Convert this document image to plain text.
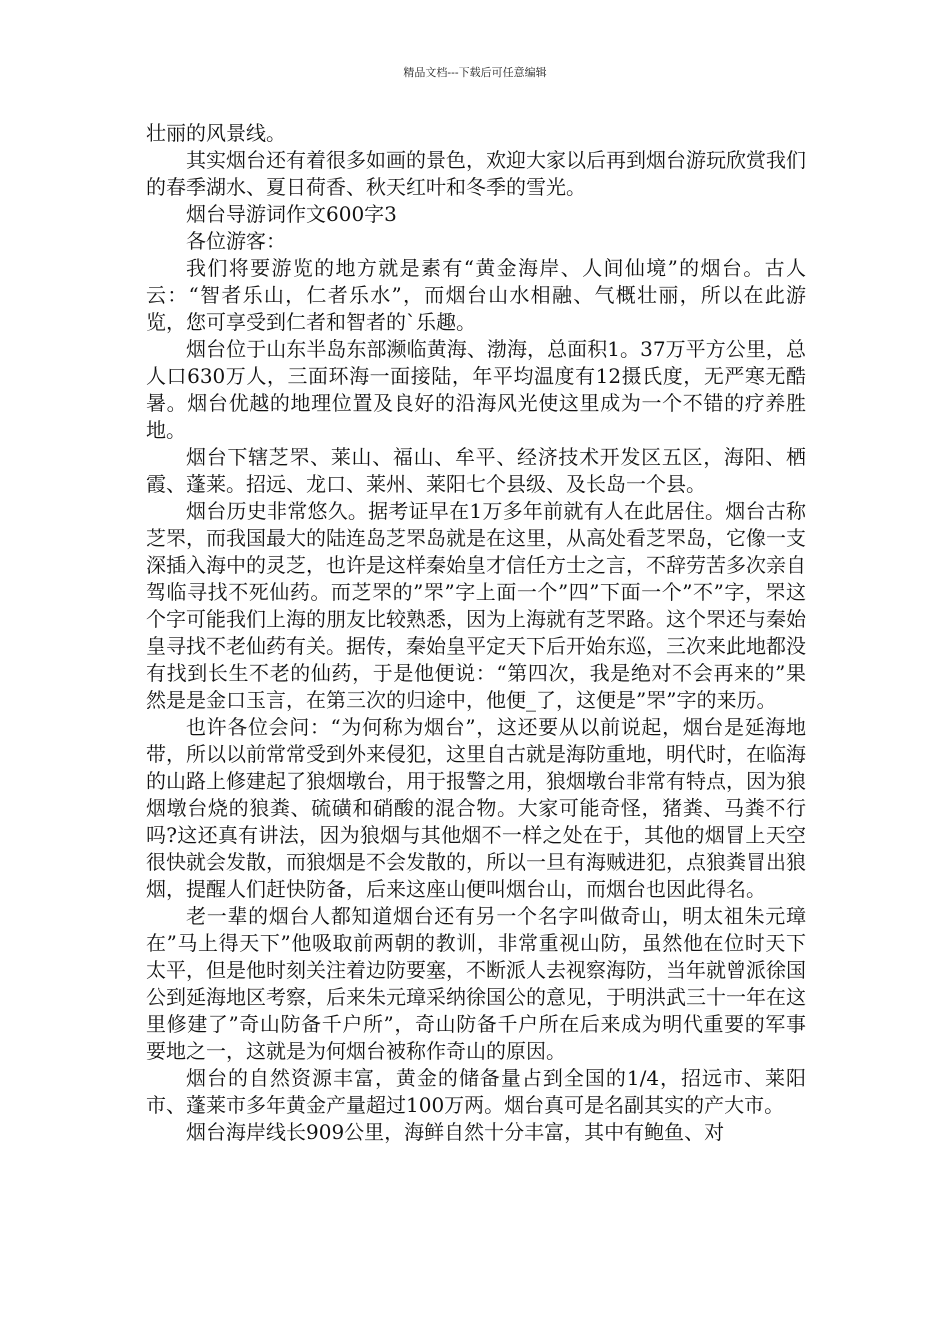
精品文档---下载后可任意编辑

壮丽的风景线。

其实烟台还有着很多如画的景色，欢迎大家以后再到烟台游玩欣赏我们的春季湖水、夏日荷香、秋天红叶和冬季的雪光。

烟台导游词作文600字3

各位游客：

我们将要游览的地方就是素有“黄金海岸、人间仙境”的烟台。古人云：“智者乐山，仁者乐水”，而烟台山水相融、气概壮丽，所以在此游览，您可享受到仁者和智者的`乐趣。

烟台位于山东半岛东部濒临黄海、渤海，总面积1。37万平方公里，总人口630万人，三面环海一面接陆，年平均温度有12摄氏度，无严寒无酷暑。烟台优越的地理位置及良好的沿海风光使这里成为一个不错的疗养胜地。

烟台下辖芝罘、莱山、福山、牟平、经济技术开发区五区，海阳、栖霞、蓬莱。招远、龙口、莱州、莱阳七个县级、及长岛一个县。

烟台历史非常悠久。据考证早在1万多年前就有人在此居住。烟台古称芝罘，而我国最大的陆连岛芝罘岛就是在这里，从高处看芝罘岛，它像一支深插入海中的灵芝，也许是这样秦始皇才信任方士之言，不辞劳苦多次亲自驾临寻找不死仙药。而芝罘的”罘”字上面一个”四”下面一个”不”字，罘这个字可能我们上海的朋友比较熟悉，因为上海就有芝罘路。这个罘还与秦始皇寻找不老仙药有关。据传，秦始皇平定天下后开始东巡，三次来此地都没有找到长生不老的仙药，于是他便说：“第四次，我是绝对不会再来的”果然是是金口玉言，在第三次的归途中，他便_了，这便是”罘”字的来历。

也许各位会问：“为何称为烟台”，这还要从以前说起，烟台是延海地带，所以以前常常受到外来侵犯，这里自古就是海防重地，明代时，在临海的山路上修建起了狼烟墩台，用于报警之用，狼烟墩台非常有特点，因为狼烟墩台烧的狼粪、硫磺和硝酸的混合物。大家可能奇怪，猪粪、马粪不行吗?这还真有讲法，因为狼烟与其他烟不一样之处在于，其他的烟冒上天空很快就会发散，而狼烟是不会发散的，所以一旦有海贼进犯，点狼粪冒出狼烟，提醒人们赶快防备，后来这座山便叫烟台山，而烟台也因此得名。

老一辈的烟台人都知道烟台还有另一个名字叫做奇山，明太祖朱元璋在”马上得天下”他吸取前两朝的教训，非常重视山防，虽然他在位时天下太平，但是他时刻关注着边防要塞，不断派人去视察海防，当年就曾派徐国公到延海地区考察，后来朱元璋采纳徐国公的意见，于明洪武三十一年在这里修建了”奇山防备千户所”，奇山防备千户所在后来成为明代重要的军事要地之一，这就是为何烟台被称作奇山的原因。

烟台的自然资源丰富，黄金的储备量占到全国的1/4，招远市、莱阳市、蓬莱市多年黄金产量超过100万两。烟台真可是名副其实的产大市。

烟台海岸线长909公里，海鲜自然十分丰富，其中有鲍鱼、对
